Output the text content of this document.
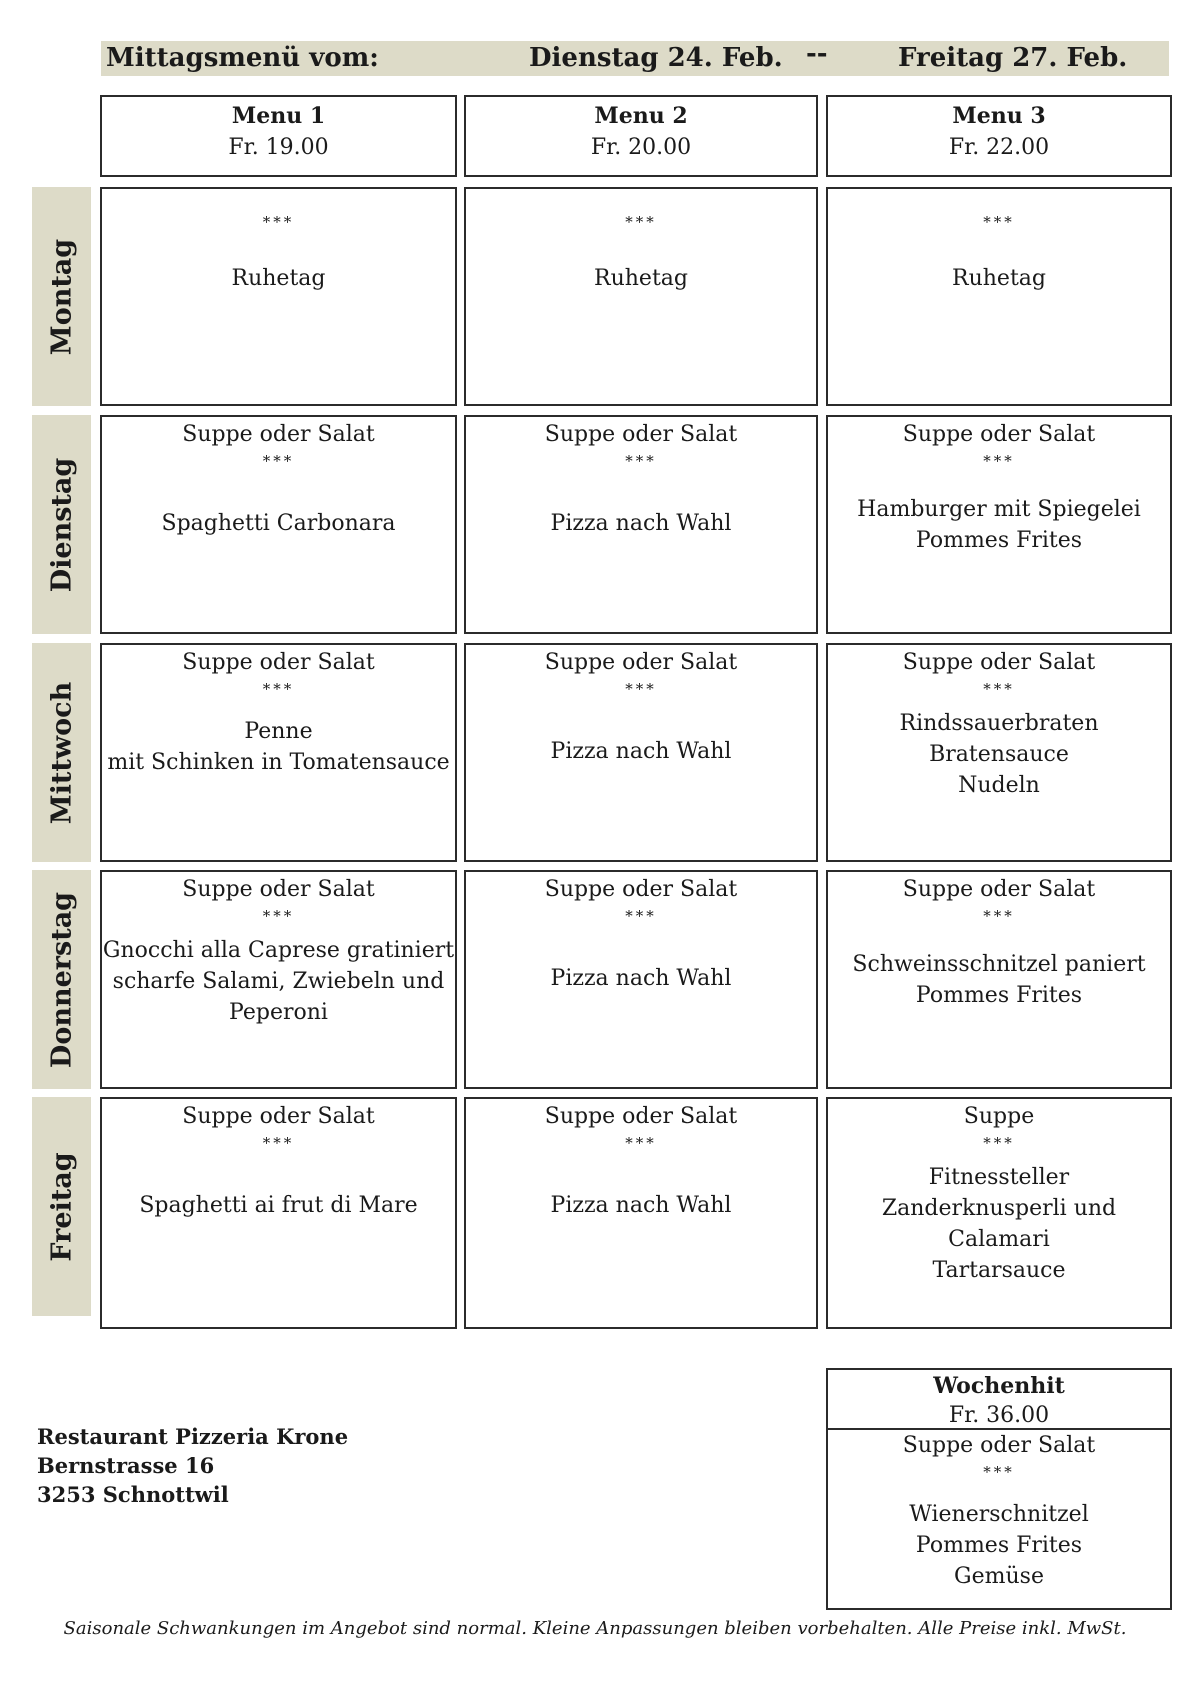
Mittagsmenü vom:	Dienstag 24. Feb. --	Freitag 27. Feb.
Menu 1
Fr. 19.00
Menu 2
Fr. 20.00
Menu 3
Fr. 22.00
Montag
***
Ruhetag
***
Ruhetag
***
Ruhetag
Dienstag
Suppe oder Salat
***
Spaghetti Carbonara
Suppe oder Salat
***
Pizza nach Wahl
Suppe oder Salat
***
Hamburger mit Spiegelei
Pommes Frites
Mittwoch
Suppe oder Salat
***
Penne
mit Schinken in Tomatensauce
Suppe oder Salat
***
Pizza nach Wahl
Suppe oder Salat
***
Rindssauerbraten
Bratensauce
Nudeln
Donnerstag
Suppe oder Salat
***
Gnocchi alla Caprese gratiniert
scharfe Salami, Zwiebeln und
Peperoni
Suppe oder Salat
***
Pizza nach Wahl
Suppe oder Salat
***
Schweinsschnitzel paniert
Pommes Frites
Freitag
Suppe oder Salat
***
Spaghetti ai frut di Mare
Suppe oder Salat
***
Pizza nach Wahl
Suppe
***
Fitnessteller
Zanderknusperli und Calamari
Tartarsauce
Restaurant Pizzeria Krone
Bernstrasse 16
3253 Schnottwil
Wochenhit
Fr. 36.00
Suppe oder Salat
***
Wienerschnitzel
Pommes Frites
Gemüse
Saisonale Schwankungen im Angebot sind normal. Kleine Anpassungen bleiben vorbehalten. Alle Preise inkl. MwSt.
